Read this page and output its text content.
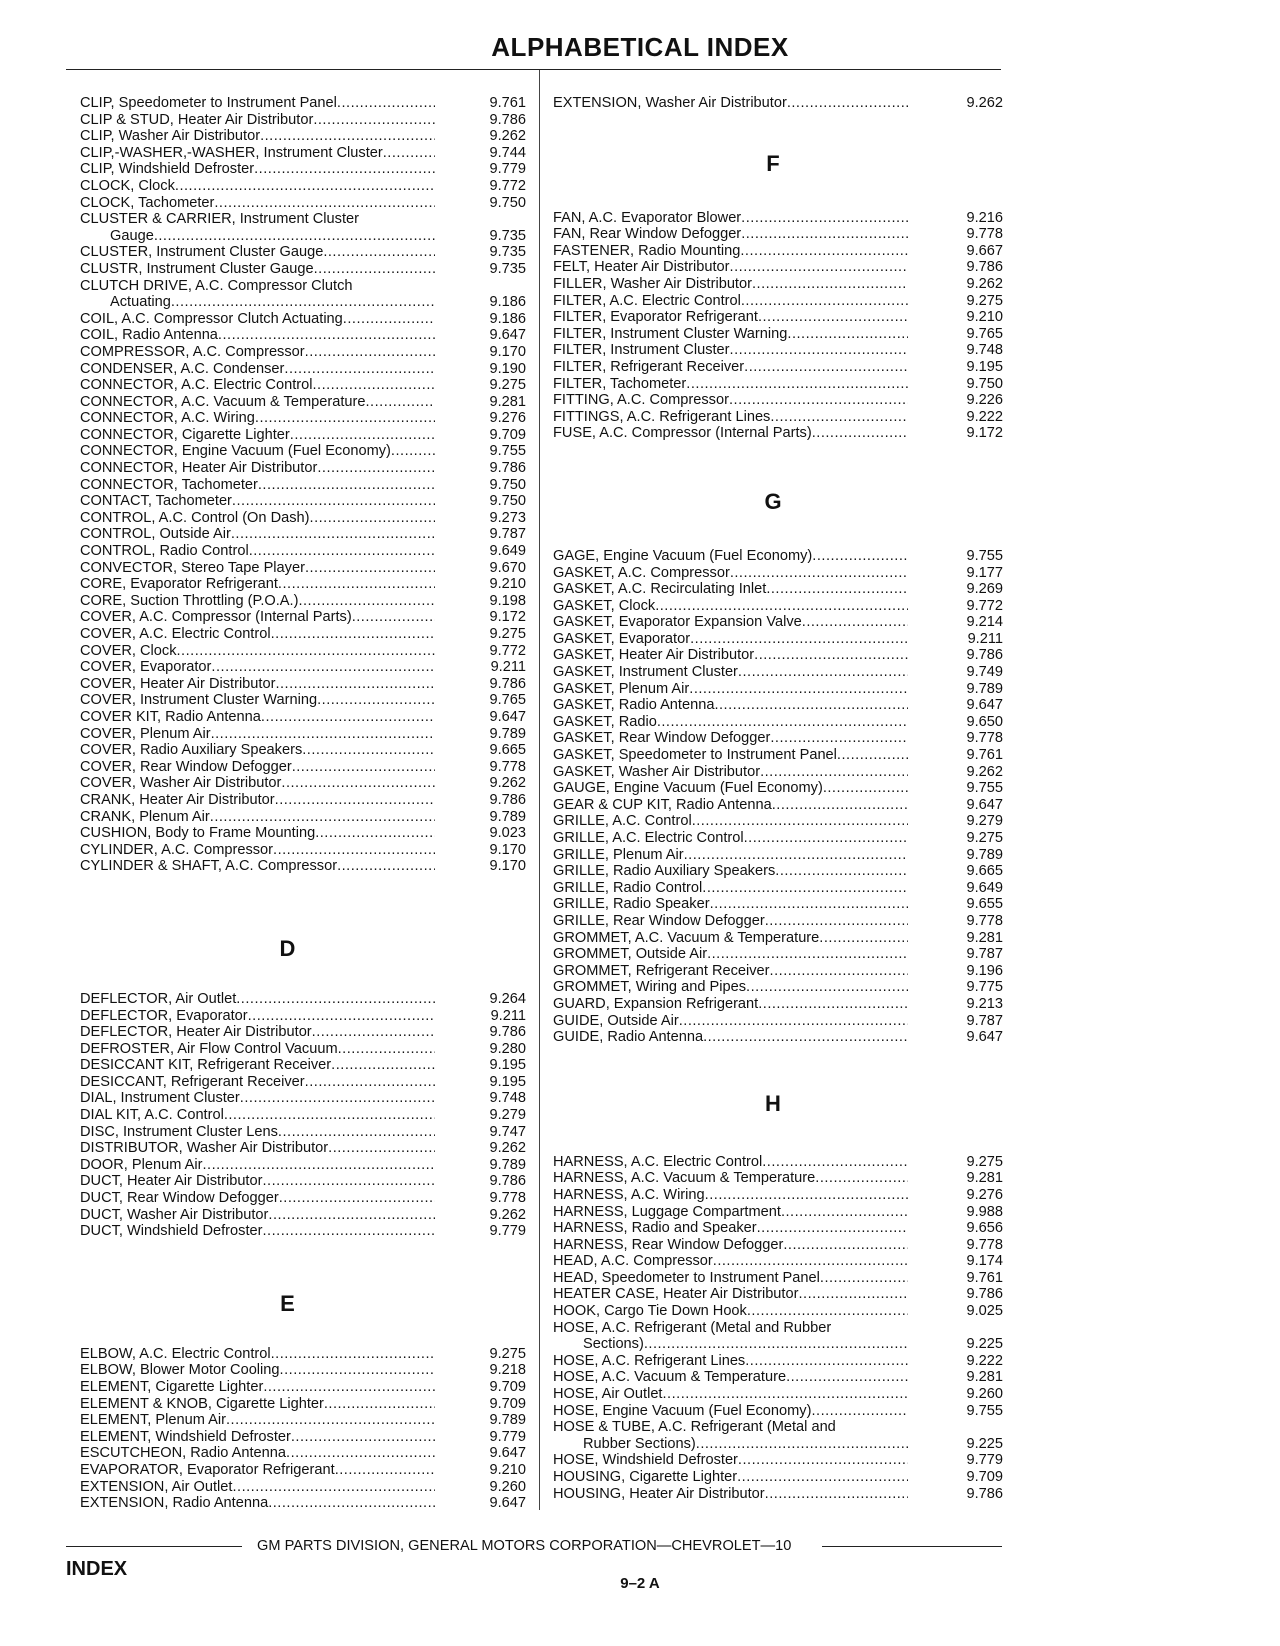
ALPHABETICAL INDEX
CLIP, Speedometer to Instrument Panel .....	9.761
CLIP & STUD, Heater Air Distributor .....	9.786
CLIP, Washer Air Distributor .....	9.262
CLIP,-WASHER,-WASHER, Instrument Cluster .....	9.744
CLIP, Windshield Defroster .....	9.779
CLOCK, Clock .....	9.772
CLOCK, Tachometer .....	9.750
CLUSTER & CARRIER, Instrument Cluster
Gauge .....	9.735
CLUSTER, Instrument Cluster Gauge .....	9.735
CLUSTR, Instrument Cluster Gauge .....	9.735
CLUTCH DRIVE, A.C. Compressor Clutch
Actuating .....	9.186
COIL, A.C. Compressor Clutch Actuating .....	9.186
COIL, Radio Antenna .....	9.647
COMPRESSOR, A.C. Compressor .....	9.170
CONDENSER, A.C. Condenser .....	9.190
CONNECTOR, A.C. Electric Control .....	9.275
CONNECTOR, A.C. Vacuum & Temperature .....	9.281
CONNECTOR, A.C. Wiring .....	9.276
CONNECTOR, Cigarette Lighter .....	9.709
CONNECTOR, Engine Vacuum (Fuel Economy) .....	9.755
CONNECTOR, Heater Air Distributor .....	9.786
CONNECTOR, Tachometer .....	9.750
CONTACT, Tachometer .....	9.750
CONTROL, A.C. Control (On Dash) .....	9.273
CONTROL, Outside Air .....	9.787
CONTROL, Radio Control .....	9.649
CONVECTOR, Stereo Tape Player .....	9.670
CORE, Evaporator Refrigerant .....	9.210
CORE, Suction Throttling (P.O.A.) .....	9.198
COVER, A.C. Compressor (Internal Parts) .....	9.172
COVER, A.C. Electric Control .....	9.275
COVER, Clock .....	9.772
COVER, Evaporator .....	9.211
COVER, Heater Air Distributor .....	9.786
COVER, Instrument Cluster Warning .....	9.765
COVER KIT, Radio Antenna .....	9.647
COVER, Plenum Air .....	9.789
COVER, Radio Auxiliary Speakers .....	9.665
COVER, Rear Window Defogger .....	9.778
COVER, Washer Air Distributor .....	9.262
CRANK, Heater Air Distributor .....	9.786
CRANK, Plenum Air .....	9.789
CUSHION, Body to Frame Mounting .....	9.023
CYLINDER, A.C. Compressor .....	9.170
CYLINDER & SHAFT, A.C. Compressor .....	9.170
D
DEFLECTOR, Air Outlet .....	9.264
DEFLECTOR, Evaporator .....	9.211
DEFLECTOR, Heater Air Distributor .....	9.786
DEFROSTER, Air Flow Control Vacuum .....	9.280
DESICCANT KIT, Refrigerant Receiver .....	9.195
DESICCANT, Refrigerant Receiver .....	9.195
DIAL, Instrument Cluster .....	9.748
DIAL KIT, A.C. Control .....	9.279
DISC, Instrument Cluster Lens .....	9.747
DISTRIBUTOR, Washer Air Distributor .....	9.262
DOOR, Plenum Air .....	9.789
DUCT, Heater Air Distributor .....	9.786
DUCT, Rear Window Defogger .....	9.778
DUCT, Washer Air Distributor .....	9.262
DUCT, Windshield Defroster .....	9.779
E
ELBOW, A.C. Electric Control .....	9.275
ELBOW, Blower Motor Cooling .....	9.218
ELEMENT, Cigarette Lighter .....	9.709
ELEMENT & KNOB, Cigarette Lighter .....	9.709
ELEMENT, Plenum Air .....	9.789
ELEMENT, Windshield Defroster .....	9.779
ESCUTCHEON, Radio Antenna .....	9.647
EVAPORATOR, Evaporator Refrigerant .....	9.210
EXTENSION, Air Outlet .....	9.260
EXTENSION, Radio Antenna .....	9.647
EXTENSION, Washer Air Distributor .....	9.262
F
FAN, A.C. Evaporator Blower .....	9.216
FAN, Rear Window Defogger .....	9.778
FASTENER, Radio Mounting .....	9.667
FELT, Heater Air Distributor .....	9.786
FILLER, Washer Air Distributor .....	9.262
FILTER, A.C. Electric Control .....	9.275
FILTER, Evaporator Refrigerant .....	9.210
FILTER, Instrument Cluster Warning .....	9.765
FILTER, Instrument Cluster .....	9.748
FILTER, Refrigerant Receiver .....	9.195
FILTER, Tachometer .....	9.750
FITTING, A.C. Compressor .....	9.226
FITTINGS, A.C. Refrigerant Lines .....	9.222
FUSE, A.C. Compressor (Internal Parts) .....	9.172
G
GAGE, Engine Vacuum (Fuel Economy) .....	9.755
GASKET, A.C. Compressor .....	9.177
GASKET, A.C. Recirculating Inlet .....	9.269
GASKET, Clock .....	9.772
GASKET, Evaporator Expansion Valve .....	9.214
GASKET, Evaporator .....	9.211
GASKET, Heater Air Distributor .....	9.786
GASKET, Instrument Cluster .....	9.749
GASKET, Plenum Air .....	9.789
GASKET, Radio Antenna .....	9.647
GASKET, Radio .....	9.650
GASKET, Rear Window Defogger .....	9.778
GASKET, Speedometer to Instrument Panel .....	9.761
GASKET, Washer Air Distributor .....	9.262
GAUGE, Engine Vacuum (Fuel Economy) .....	9.755
GEAR & CUP KIT, Radio Antenna .....	9.647
GRILLE, A.C. Control .....	9.279
GRILLE, A.C. Electric Control .....	9.275
GRILLE, Plenum Air .....	9.789
GRILLE, Radio Auxiliary Speakers .....	9.665
GRILLE, Radio Control .....	9.649
GRILLE, Radio Speaker .....	9.655
GRILLE, Rear Window Defogger .....	9.778
GROMMET, A.C. Vacuum & Temperature .....	9.281
GROMMET, Outside Air .....	9.787
GROMMET, Refrigerant Receiver .....	9.196
GROMMET, Wiring and Pipes .....	9.775
GUARD, Expansion Refrigerant .....	9.213
GUIDE, Outside Air .....	9.787
GUIDE, Radio Antenna .....	9.647
H
HARNESS, A.C. Electric Control .....	9.275
HARNESS, A.C. Vacuum & Temperature .....	9.281
HARNESS, A.C. Wiring .....	9.276
HARNESS, Luggage Compartment .....	9.988
HARNESS, Radio and Speaker .....	9.656
HARNESS, Rear Window Defogger .....	9.778
HEAD, A.C. Compressor .....	9.174
HEAD, Speedometer to Instrument Panel .....	9.761
HEATER CASE, Heater Air Distributor .....	9.786
HOOK, Cargo Tie Down Hook .....	9.025
HOSE, A.C. Refrigerant (Metal and Rubber
Sections) .....	9.225
HOSE, A.C. Refrigerant Lines .....	9.222
HOSE, A.C. Vacuum & Temperature .....	9.281
HOSE, Air Outlet .....	9.260
HOSE, Engine Vacuum (Fuel Economy) .....	9.755
HOSE & TUBE, A.C. Refrigerant (Metal and
Rubber Sections) .....	9.225
HOSE, Windshield Defroster .....	9.779
HOUSING, Cigarette Lighter .....	9.709
HOUSING, Heater Air Distributor .....	9.786
GM PARTS DIVISION, GENERAL MOTORS CORPORATION—CHEVROLET—10
INDEX
9–2 A
